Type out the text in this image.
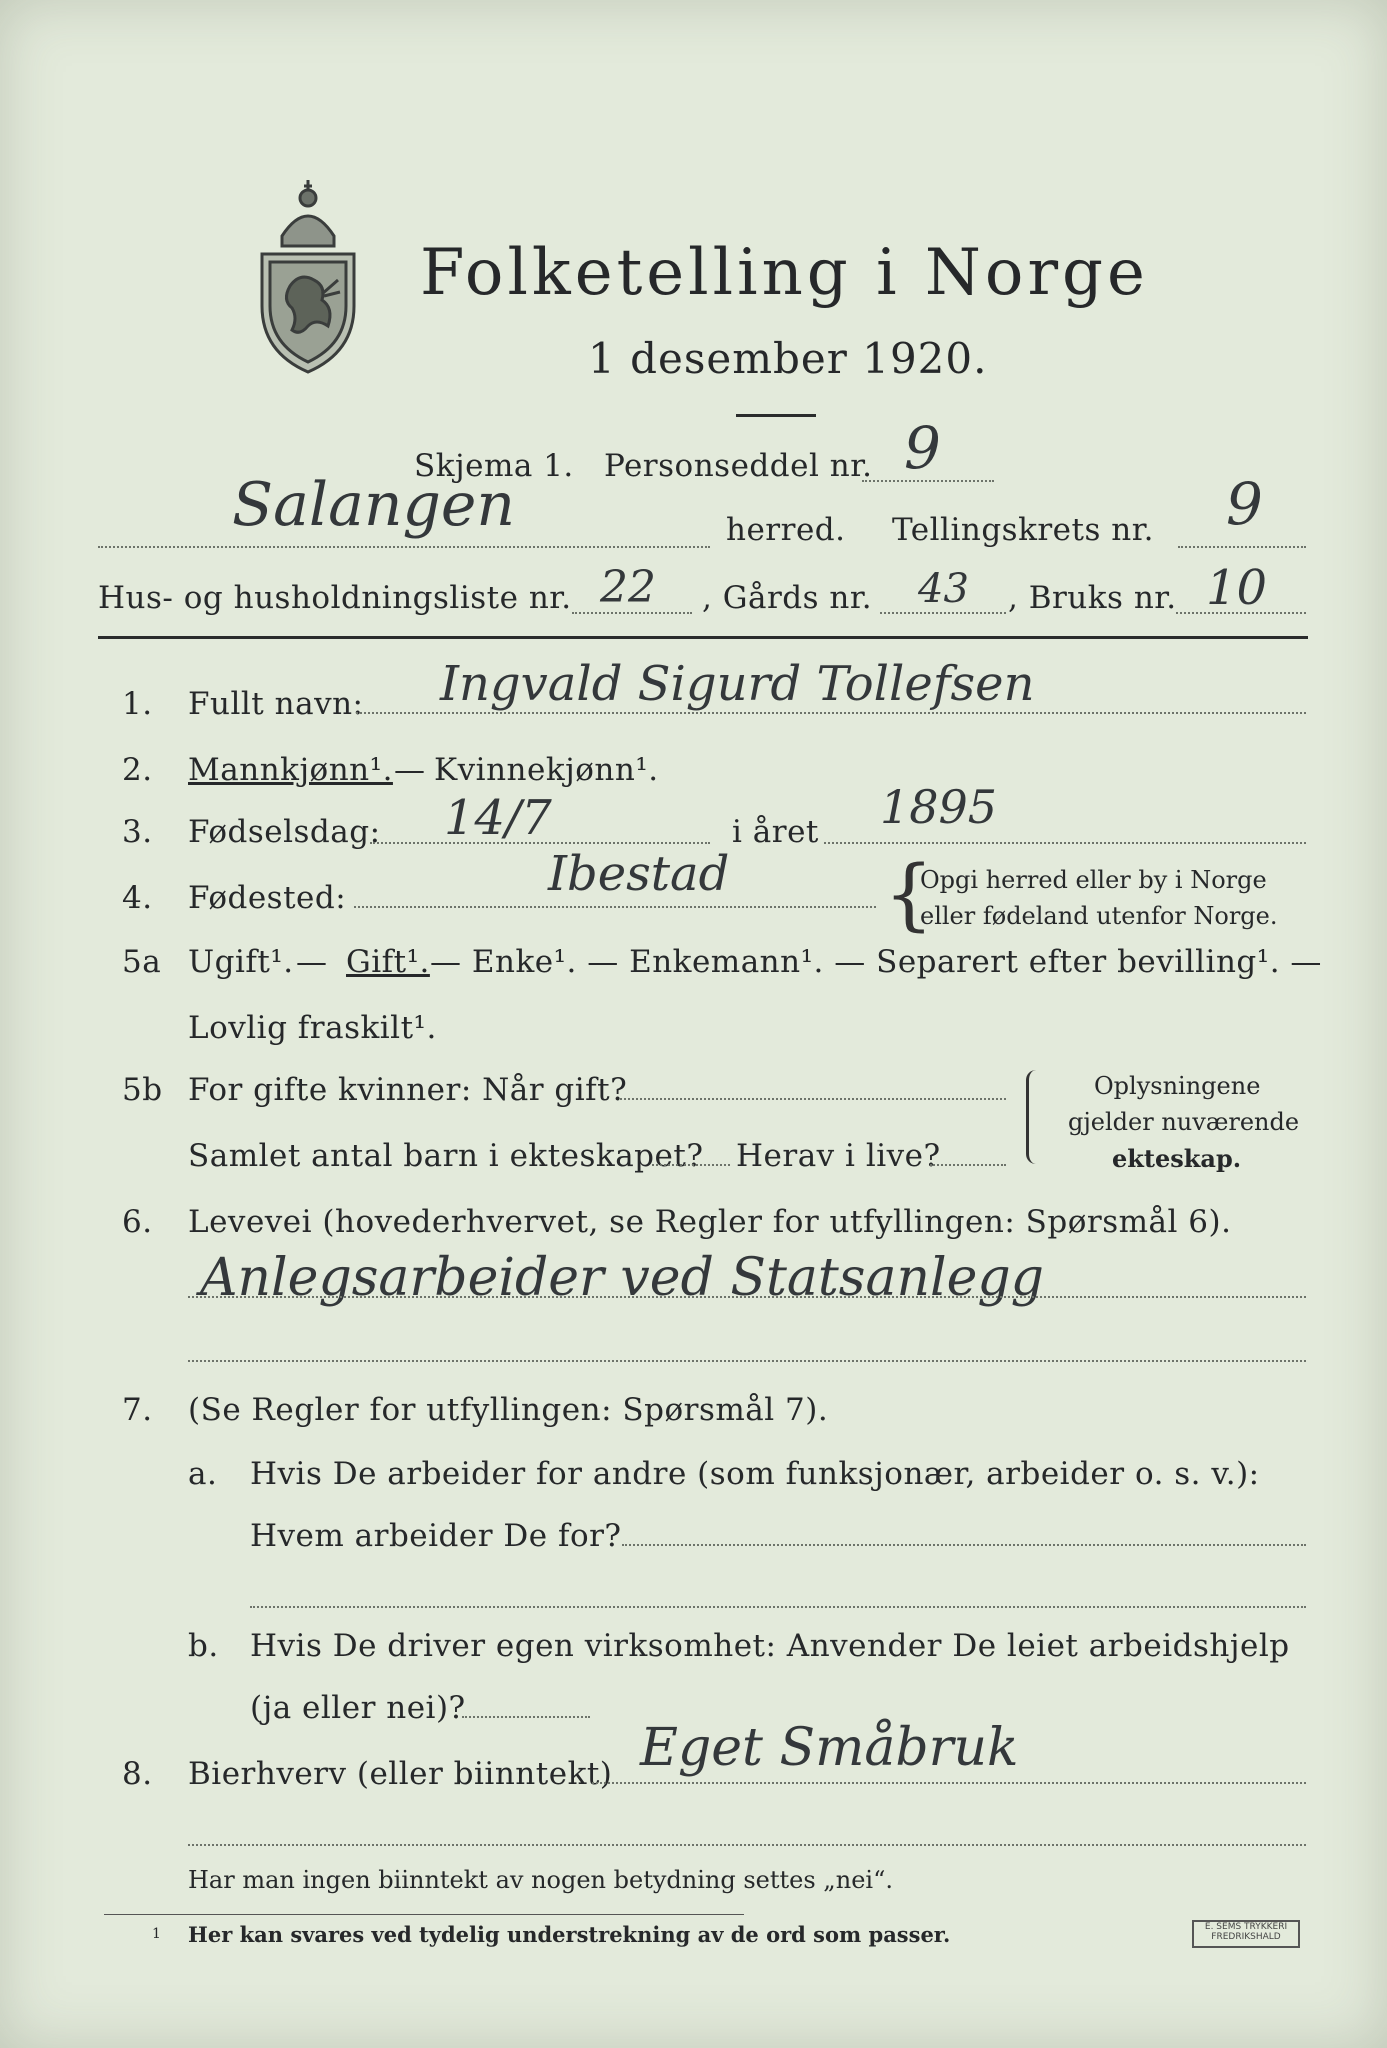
Folketelling i Norge
1 desember 1920.
Skjema 1. Personseddel nr. 9
Salangen	herred. Tellingskrets nr. 9
Hus- og husholdningsliste nr. 22 , Gårds nr. 43 , Bruks nr. 10
1. Fullt navn: Ingvald Sigurd Tollefsen
2. Mannkjønn¹. — Kvinnekjønn¹.
3. Fødselsdag: 14/7	i året 1895
4. Fødested:	Ibestad {
Opgi herred eller by i Norge
eller fødeland utenfor Norge.
5a Ugift¹. — Gift¹. — Enke¹. — Enkemann¹. — Separert efter bevilling¹. —
Lovlig fraskilt¹.
5b For gifte kvinner: Når gift?
Samlet antal barn i ekteskapet? Herav i live?
Oplysningene
gjelder nuværende
ekteskap.
6. Levevei (hovederhvervet, se Regler for utfyllingen: Spørsmål 6).
Anlegsarbeider ved Statsanlegg
7. (Se Regler for utfyllingen: Spørsmål 7).
a. Hvis De arbeider for andre (som funksjonær, arbeider o. s. v.):
Hvem arbeider De for?
b. Hvis De driver egen virksomhet: Anvender De leiet arbeidshjelp
(ja eller nei)?
8. Bierhverv (eller biinntekt) Eget Småbruk
Har man ingen biinntekt av nogen betydning settes „nei“.
1 Her kan svares ved tydelig understrekning av de ord som passer.	E. SEMS TRYKKERI
FREDRIKSHALD
